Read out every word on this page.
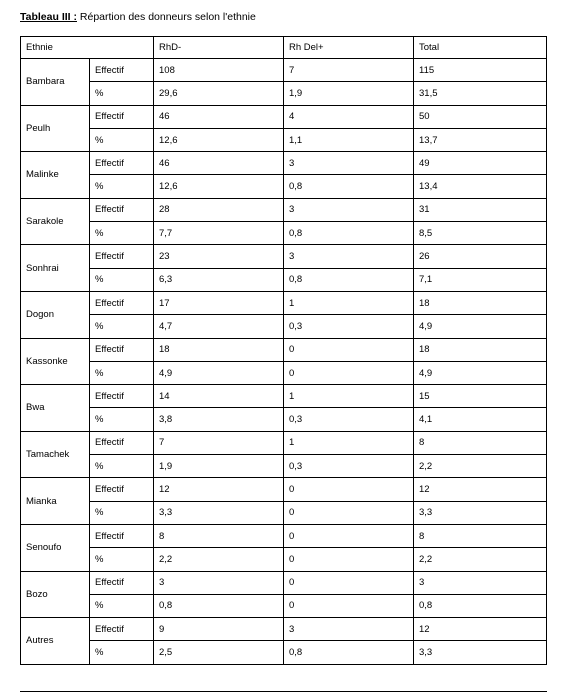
Tableau III : Répartion des donneurs selon l'ethnie
Ethnie		RhD-	Rh Del+	Total
Bambara	Effectif	108	7	115
	%	29,6	1,9	31,5
Peulh	Effectif	46	4	50
	%	12,6	1,1	13,7
Malinke	Effectif	46	3	49
	%	12,6	0,8	13,4
Sarakole	Effectif	28	3	31
	%	7,7	0,8	8,5
Sonhrai	Effectif	23	3	26
	%	6,3	0,8	7,1
Dogon	Effectif	17	1	18
	%	4,7	0,3	4,9
Kassonke	Effectif	18	0	18
	%	4,9	0	4,9
Bwa	Effectif	14	1	15
	%	3,8	0,3	4,1
Tamachek	Effectif	7	1	8
	%	1,9	0,3	2,2
Mianka	Effectif	12	0	12
	%	3,3	0	3,3
Senoufo	Effectif	8	0	8
	%	2,2	0	2,2
Bozo	Effectif	3	0	3
	%	0,8	0	0,8
Autres	Effectif	9	3	12
	%	2,5	0,8	3,3
